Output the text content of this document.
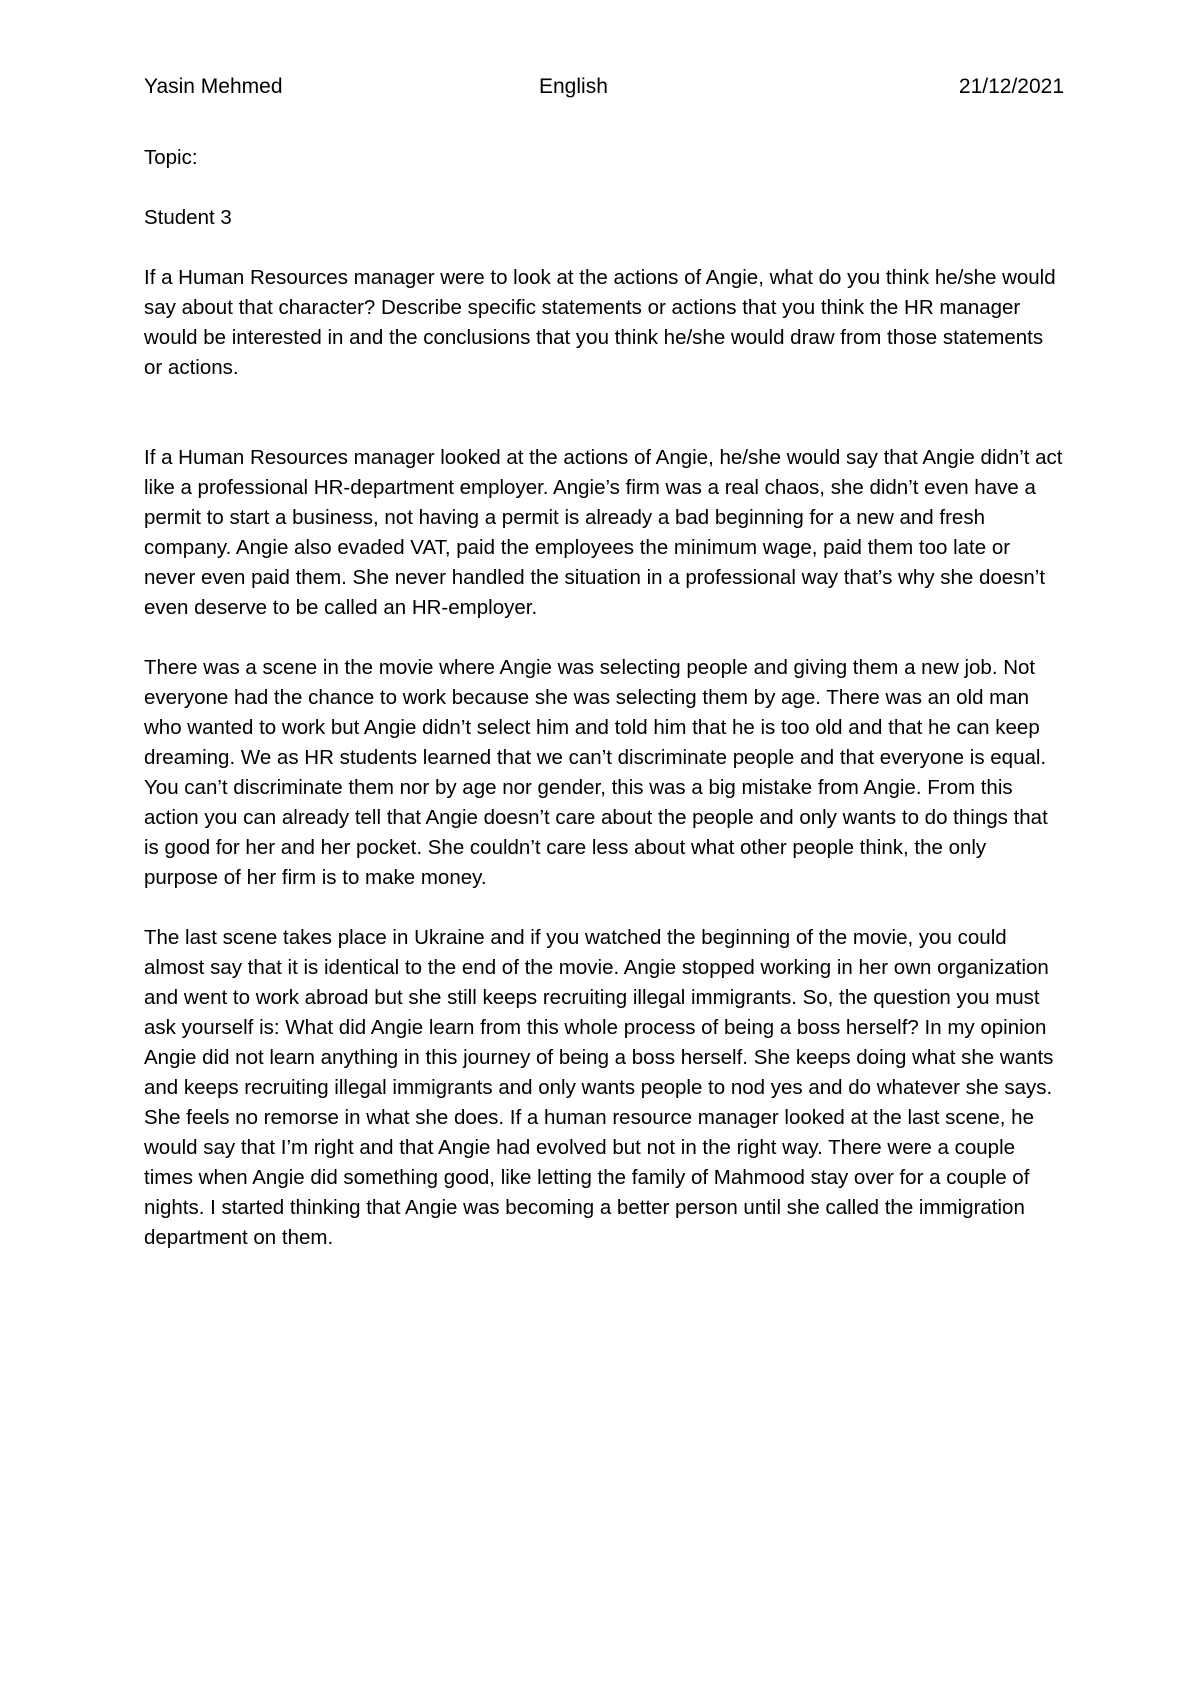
Yasin Mehmed	English	21/12/2021

Topic:

Student 3

If a Human Resources manager were to look at the actions of Angie, what do you think he/she would say about that character? Describe specific statements or actions that you think the HR manager would be interested in and the conclusions that you think he/she would draw from those statements or actions.

If a Human Resources manager looked at the actions of Angie, he/she would say that Angie didn’t act like a professional HR-department employer. Angie’s firm was a real chaos, she didn’t even have a permit to start a business, not having a permit is already a bad beginning for a new and fresh company. Angie also evaded VAT, paid the employees the minimum wage, paid them too late or never even paid them. She never handled the situation in a professional way that’s why she doesn’t even deserve to be called an HR-employer.

There was a scene in the movie where Angie was selecting people and giving them a new job. Not everyone had the chance to work because she was selecting them by age. There was an old man who wanted to work but Angie didn’t select him and told him that he is too old and that he can keep dreaming. We as HR students learned that we can’t discriminate people and that everyone is equal. You can’t discriminate them nor by age nor gender, this was a big mistake from Angie. From this action you can already tell that Angie doesn’t care about the people and only wants to do things that is good for her and her pocket. She couldn’t care less about what other people think, the only purpose of her firm is to make money.

The last scene takes place in Ukraine and if you watched the beginning of the movie, you could almost say that it is identical to the end of the movie. Angie stopped working in her own organization and went to work abroad but she still keeps recruiting illegal immigrants. So, the question you must ask yourself is: What did Angie learn from this whole process of being a boss herself? In my opinion Angie did not learn anything in this journey of being a boss herself. She keeps doing what she wants and keeps recruiting illegal immigrants and only wants people to nod yes and do whatever she says. She feels no remorse in what she does. If a human resource manager looked at the last scene, he would say that I’m right and that Angie had evolved but not in the right way. There were a couple times when Angie did something good, like letting the family of Mahmood stay over for a couple of nights. I started thinking that Angie was becoming a better person until she called the immigration department on them.
